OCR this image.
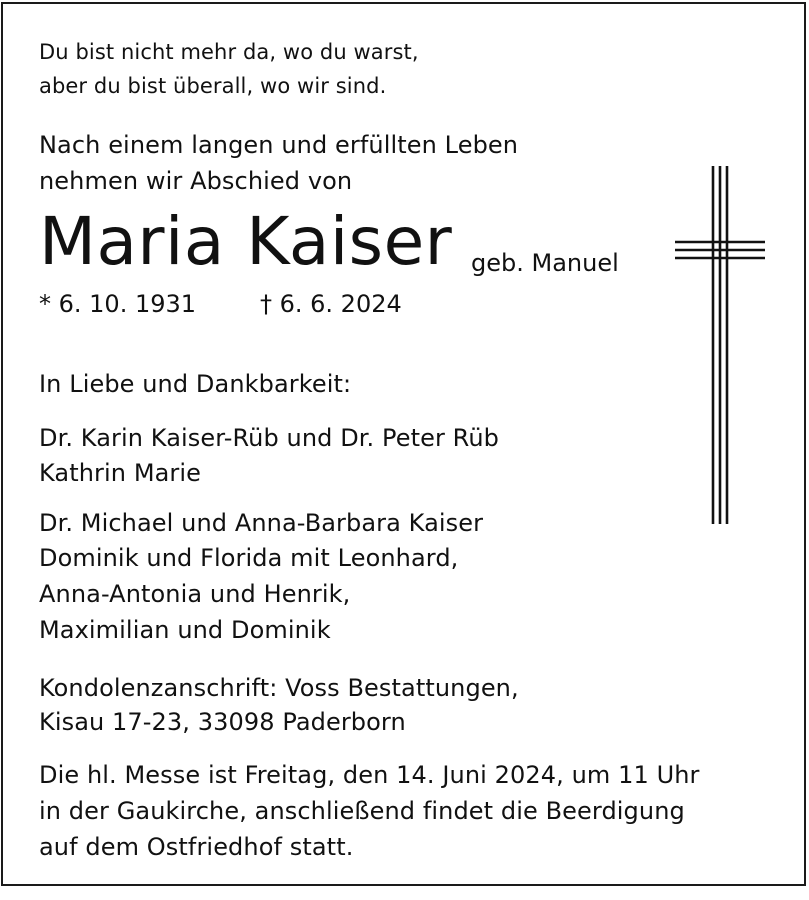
Du bist nicht mehr da, wo du warst,
aber du bist überall, wo wir sind.
Nach einem langen und erfüllten Leben
nehmen wir Abschied von
Maria Kaiser geb. Manuel
* 6. 10. 1931	† 6. 6. 2024
In Liebe und Dankbarkeit:
Dr. Karin Kaiser-Rüb und Dr. Peter Rüb
Kathrin Marie
Dr. Michael und Anna-Barbara Kaiser
Dominik und Florida mit Leonhard,
Anna-Antonia und Henrik,
Maximilian und Dominik
Kondolenzanschrift: Voss Bestattungen,
Kisau 17-23, 33098 Paderborn
Die hl. Messe ist Freitag, den 14. Juni 2024, um 11 Uhr
in der Gaukirche, anschließend findet die Beerdigung
auf dem Ostfriedhof statt.
